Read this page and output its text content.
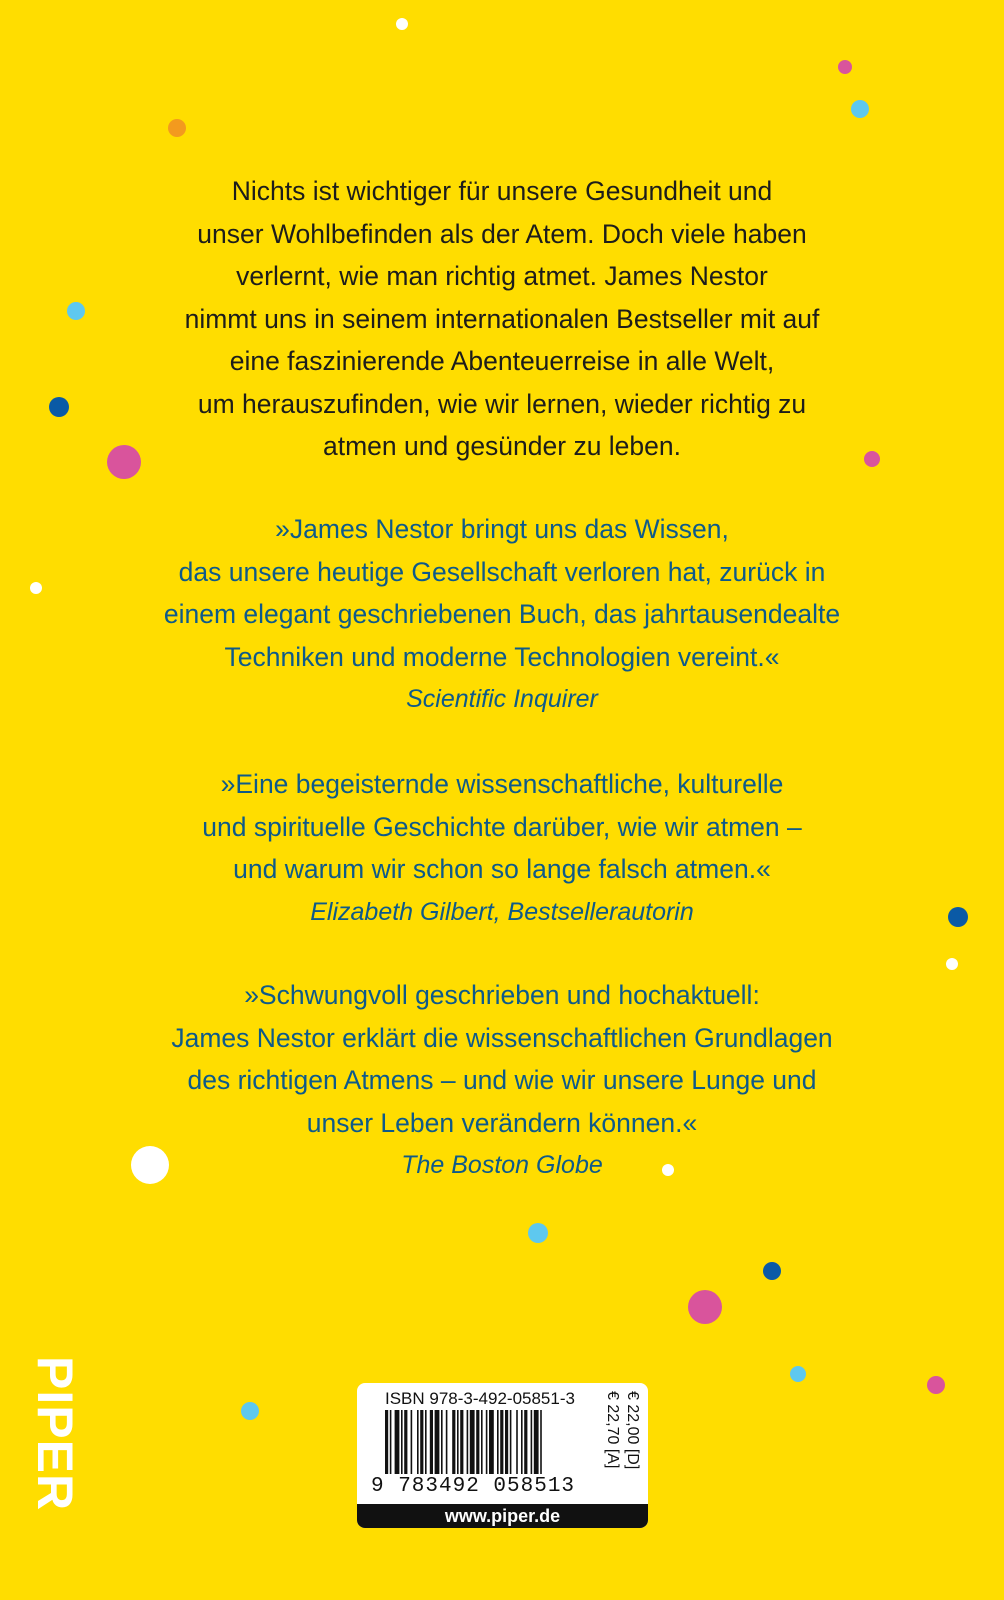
Nichts ist wichtiger für unsere Gesundheit und
unser Wohlbefinden als der Atem. Doch viele haben
verlernt, wie man richtig atmet. James Nestor
nimmt uns in seinem internationalen Bestseller mit auf
eine faszinierende Abenteuerreise in alle Welt,
um herauszufinden, wie wir lernen, wieder richtig zu
atmen und gesünder zu leben.
»James Nestor bringt uns das Wissen,
das unsere heutige Gesellschaft verloren hat, zurück in
einem elegant geschriebenen Buch, das jahrtausendealte
Techniken und moderne Technologien vereint.«
Scientific Inquirer
»Eine begeisternde wissenschaftliche, kulturelle
und spirituelle Geschichte darüber, wie wir atmen –
und warum wir schon so lange falsch atmen.«
Elizabeth Gilbert, Bestsellerautorin
»Schwungvoll geschrieben und hochaktuell:
James Nestor erklärt die wissenschaftlichen Grundlagen
des richtigen Atmens – und wie wir unsere Lunge und
unser Leben verändern können.«
The Boston Globe
PIPER	ISBN 978-3-492-05851-3
9 783492 058513
€ 22,00 [D]
€ 22,70 [A]
www.piper.de
